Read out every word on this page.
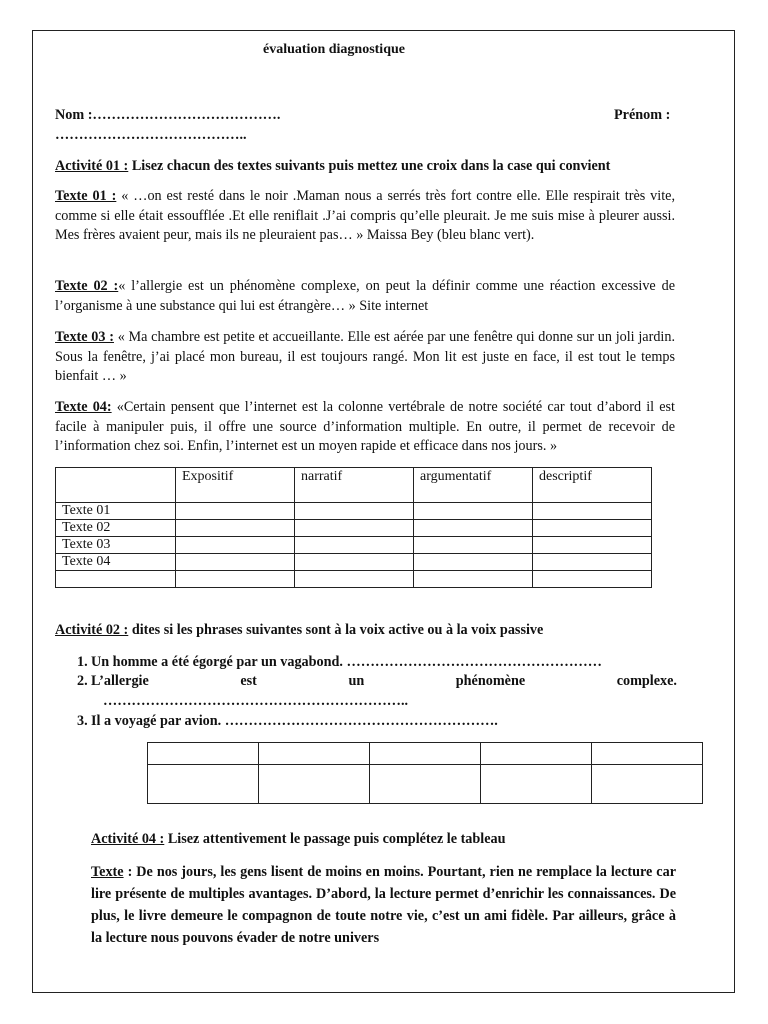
évaluation diagnostique
Nom :………………………………….	Prénom :
…………………………………..
Activité 01 : Lisez chacun des textes suivants puis mettez une croix dans la case qui convient
Texte 01 : « …on est resté dans le noir .Maman nous a serrés très fort contre elle. Elle respirait très vite, comme si elle était essoufflée .Et elle reniflait .J’ai compris qu’elle pleurait. Je me suis mise à pleurer aussi. Mes frères avaient peur, mais ils ne pleuraient pas… » Maissa Bey (bleu blanc vert).
Texte 02 :« l’allergie est un phénomène complexe, on peut la définir comme une réaction excessive de l’organisme à une substance qui lui est étrangère… » Site internet
Texte 03 : « Ma chambre est petite et accueillante. Elle est aérée par une fenêtre qui donne sur un joli jardin. Sous la fenêtre, j’ai placé mon bureau, il est toujours rangé. Mon lit est juste en face, il est tout le temps bienfait … »
Texte 04: «Certain pensent que l’internet est la colonne vertébrale de notre société car tout d’abord il est facile à manipuler puis, il offre une source d’information multiple. En outre, il permet de recevoir de l’information chez soi. Enfin, l’internet est un moyen rapide et efficace dans nos jours. »
	Expositif	narratif	argumentatif	descriptif
Texte 01				
Texte 02				
Texte 03				
Texte 04				

Activité 02 : dites si les phrases suivantes sont à la voix active ou à la voix passive
1. Un homme a été égorgé par un vagabond. ………………………………………………
2. L’allergie	est	un	phénomène	complexe.
………………………………………………………..
3. Il a voyagé par avion. ………………………………………………….

Activité 04 : Lisez attentivement le passage puis complétez le tableau
Texte : De nos jours, les gens lisent de moins en moins. Pourtant, rien ne remplace la lecture car lire présente de multiples avantages. D’abord, la lecture permet d’enrichir les connaissances. De plus, le livre demeure le compagnon de toute notre vie, c’est un ami fidèle. Par ailleurs, grâce à la lecture nous pouvons évader de notre univers
